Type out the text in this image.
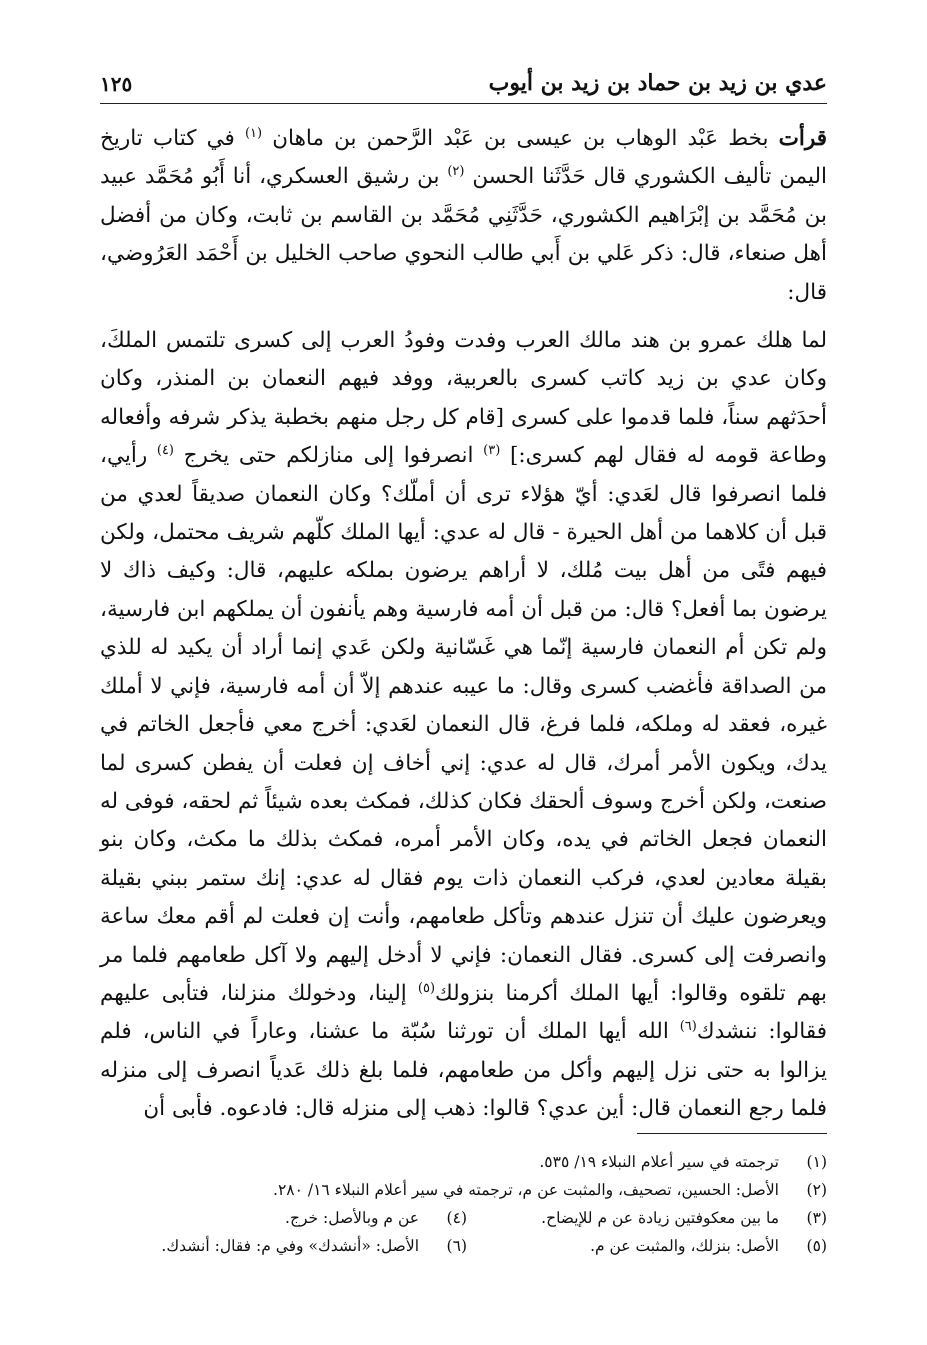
عدي بن زيد بن حماد بن زيد بن أيوب
١٢٥

قرأت بخط عَبْد الوهاب بن عيسى بن عَبْد الرَّحمن بن ماهان $^{(١)}$ في كتاب تاريخ اليمن تأليف الكشوري قال حَدَّثَنا الحسن $^{(٢)}$ بن رشيق العسكري، أنا أَبُو مُحَمَّد عبيد بن مُحَمَّد بن إبْرَاهيم الكشوري، حَدَّثَنِي مُحَمَّد بن القاسم بن ثابت، وكان من أفضل أهل صنعاء، قال: ذكر عَلي بن أَبي طالب النحوي صاحب الخليل بن أَحْمَد العَرُوضي، قال:

لما هلك عمرو بن هند مالك العرب وفدت وفودُ العرب إلى كسرى تلتمس الملكَ، وكان عدي بن زيد كاتب كسرى بالعربية، ووفد فيهم النعمان بن المنذر، وكان أحدَثهم سناً، فلما قدموا على كسرى [قام كل رجل منهم بخطبة يذكر شرفه وأفعاله وطاعة قومه له فقال لهم كسرى:] $^{(٣)}$ انصرفوا إلى منازلكم حتى يخرج $^{(٤)}$ رأيي، فلما انصرفوا قال لعَدي: أيّ هؤلاء ترى أن أملّك؟ وكان النعمان صديقاً لعدي من قبل أن كلاهما من أهل الحيرة - قال له عدي: أيها الملك كلّهم شريف محتمل، ولكن فيهم فتًى من أهل بيت مُلك، لا أراهم يرضون بملكه عليهم، قال: وكيف ذاك لا يرضون بما أفعل؟ قال: من قبل أن أمه فارسية وهم يأنفون أن يملكهم ابن فارسية، ولم تكن أم النعمان فارسية إنّما هي غَسّانية ولكن عَدي إنما أراد أن يكيد له للذي من الصداقة فأغضب كسرى وقال: ما عيبه عندهم إلاّ أن أمه فارسية، فإني لا أملك غيره، فعقد له وملكه، فلما فرغ، قال النعمان لعَدي: أخرج معي فأجعل الخاتم في يدك، ويكون الأمر أمرك، قال له عدي: إني أخاف إن فعلت أن يفطن كسرى لما صنعت، ولكن أخرج وسوف ألحقك فكان كذلك، فمكث بعده شيئاً ثم لحقه، فوفى له النعمان فجعل الخاتم في يده، وكان الأمر أمره، فمكث بذلك ما مكث، وكان بنو بقيلة معادين لعدي، فركب النعمان ذات يوم فقال له عدي: إنك ستمر ببني بقيلة ويعرضون عليك أن تنزل عندهم وتأكل طعامهم، وأنت إن فعلت لم أقم معك ساعة وانصرفت إلى كسرى. فقال النعمان: فإني لا أدخل إليهم ولا آكل طعامهم فلما مر بهم تلقوه وقالوا: أيها الملك أكرمنا بنزولك$^{(٥)}$ إلينا، ودخولك منزلنا، فتأبى عليهم فقالوا: ننشدك$^{(٦)}$ الله أيها الملك أن تورثنا سُبّة ما عشنا، وعاراً في الناس، فلم يزالوا به حتى نزل إليهم وأكل من طعامهم، فلما بلغ ذلك عَدياً انصرف إلى منزله فلما رجع النعمان قال: أين عدي؟ قالوا: ذهب إلى منزله قال: فادعوه. فأبى أن

(١)
ترجمته في سير أعلام النبلاء ١٩/ ٥٣٥.
(٢)
الأصل: الحسين، تصحيف، والمثبت عن م، ترجمته في سير أعلام النبلاء ١٦/ ٢٨٠.
(٣)
ما بين معكوفتين زيادة عن م للإيضاح.
(٤)
عن م وبالأصل: خرج.
(٥)
الأصل: بنزلك، والمثبت عن م.
(٦)
الأصل: «أنشدك» وفي م: فقال: أنشدك.
